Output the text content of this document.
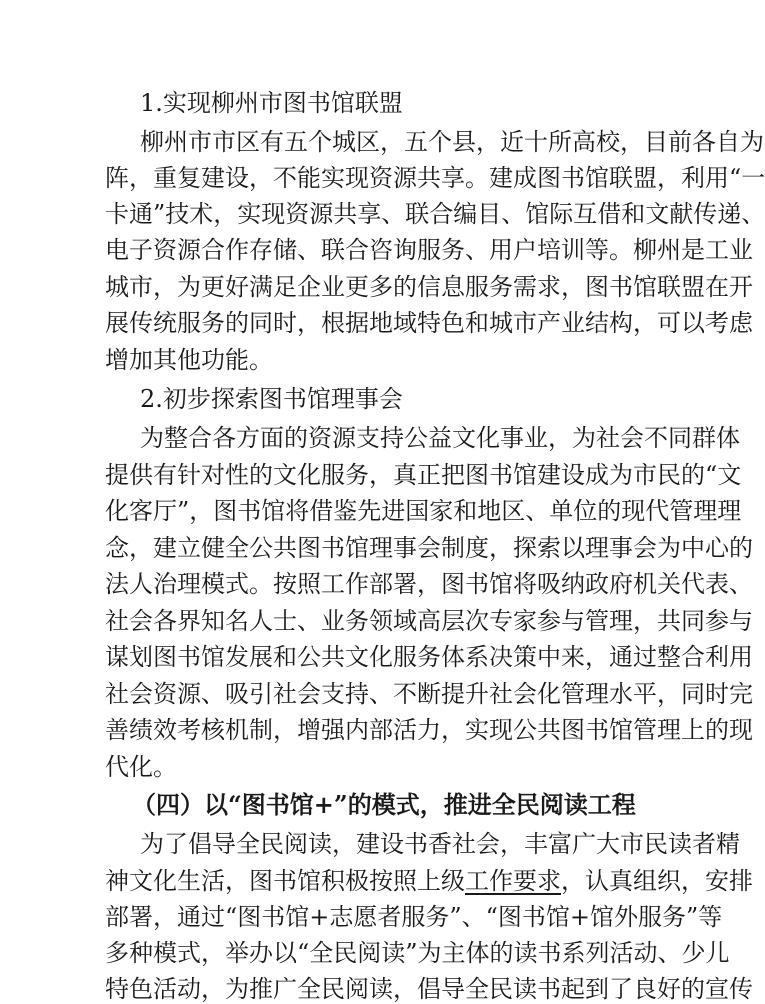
1.实现柳州市图书馆联盟
柳州市市区有五个城区，五个县，近十所高校，目前各自为
阵，重复建设，不能实现资源共享。建成图书馆联盟，利用“一
卡通”技术，实现资源共享、联合编目、馆际互借和文献传递、
电子资源合作存储、联合咨询服务、用户培训等。柳州是工业
城市，为更好满足企业更多的信息服务需求，图书馆联盟在开
展传统服务的同时，根据地域特色和城市产业结构，可以考虑
增加其他功能。
2.初步探索图书馆理事会
为整合各方面的资源支持公益文化事业，为社会不同群体
提供有针对性的文化服务，真正把图书馆建设成为市民的“文
化客厅”，图书馆将借鉴先进国家和地区、单位的现代管理理
念，建立健全公共图书馆理事会制度，探索以理事会为中心的
法人治理模式。按照工作部署，图书馆将吸纳政府机关代表、
社会各界知名人士、业务领域高层次专家参与管理，共同参与
谋划图书馆发展和公共文化服务体系决策中来，通过整合利用
社会资源、吸引社会支持、不断提升社会化管理水平，同时完
善绩效考核机制，增强内部活力，实现公共图书馆管理上的现
代化。
（四）以“图书馆+”的模式，推进全民阅读工程
为了倡导全民阅读，建设书香社会，丰富广大市民读者精
神文化生活，图书馆积极按照上级工作要求，认真组织，安排
部署，通过“图书馆+志愿者服务”、“图书馆+馆外服务”等
多种模式，举办以“全民阅读”为主体的读书系列活动、少儿
特色活动，为推广全民阅读，倡导全民读书起到了良好的宣传
